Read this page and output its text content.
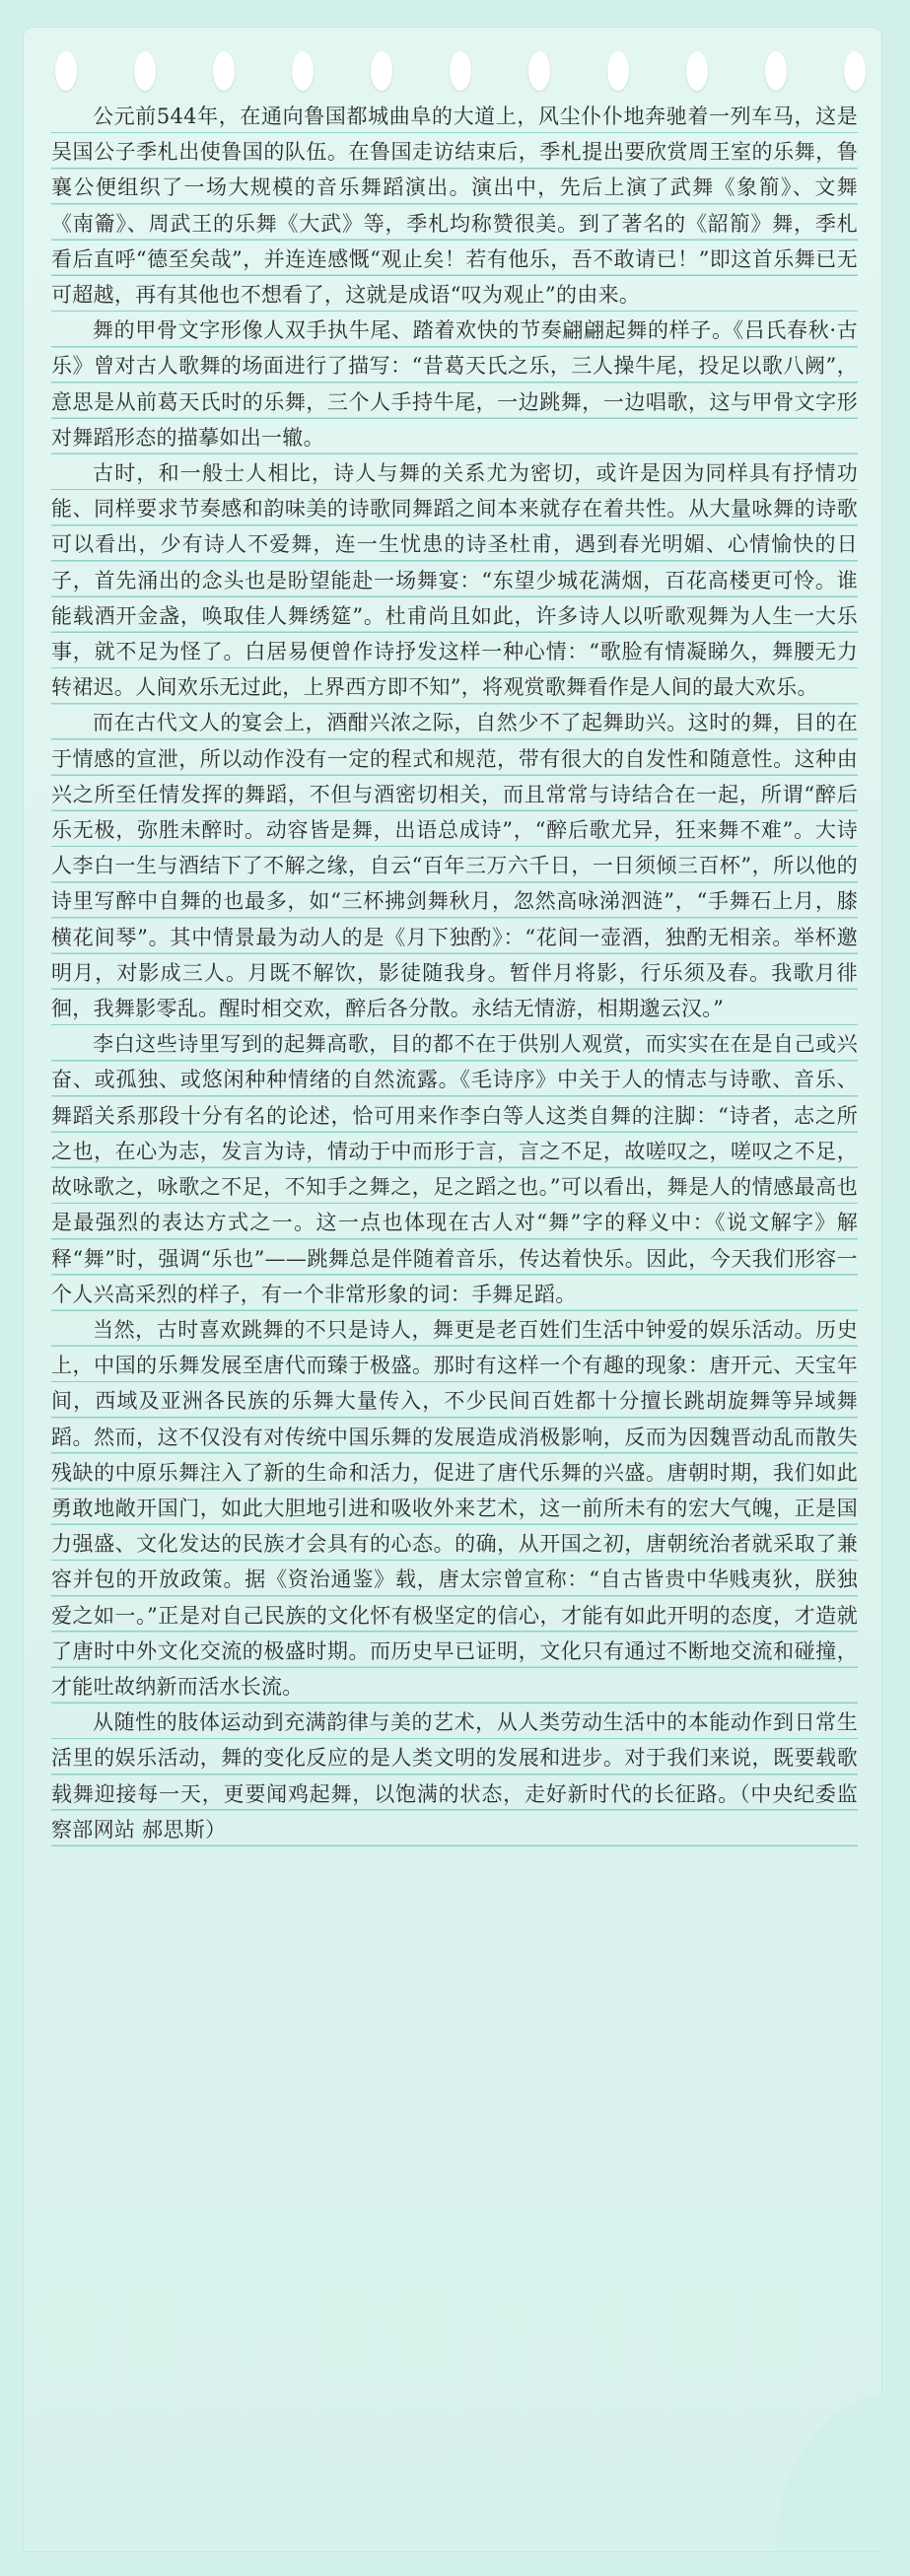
公元前544年，在通向鲁国都城曲阜的大道上，风尘仆仆地奔驰着一列车马，这是吴国公子季札出使鲁国的队伍。在鲁国走访结束后，季札提出要欣赏周王室的乐舞，鲁襄公便组织了一场大规模的音乐舞蹈演出。演出中，先后上演了武舞《象箾》、文舞《南籥》、周武王的乐舞《大武》等，季札均称赞很美。到了著名的《韶箾》舞，季札看后直呼“德至矣哉”，并连连感慨“观止矣！若有他乐，吾不敢请已！”即这首乐舞已无可超越，再有其他也不想看了，这就是成语“叹为观止”的由来。

舞的甲骨文字形像人双手执牛尾、踏着欢快的节奏翩翩起舞的样子。《吕氏春秋·古乐》曾对古人歌舞的场面进行了描写：“昔葛天氏之乐，三人操牛尾，投足以歌八阙”，意思是从前葛天氏时的乐舞，三个人手持牛尾，一边跳舞，一边唱歌，这与甲骨文字形对舞蹈形态的描摹如出一辙。

古时，和一般士人相比，诗人与舞的关系尤为密切，或许是因为同样具有抒情功能、同样要求节奏感和韵味美的诗歌同舞蹈之间本来就存在着共性。从大量咏舞的诗歌可以看出，少有诗人不爱舞，连一生忧患的诗圣杜甫，遇到春光明媚、心情愉快的日子，首先涌出的念头也是盼望能赴一场舞宴：“东望少城花满烟，百花高楼更可怜。谁能载酒开金盏，唤取佳人舞绣筵”。杜甫尚且如此，许多诗人以听歌观舞为人生一大乐事，就不足为怪了。白居易便曾作诗抒发这样一种心情：“歌脸有情凝睇久，舞腰无力转裙迟。人间欢乐无过此，上界西方即不知”，将观赏歌舞看作是人间的最大欢乐。

而在古代文人的宴会上，酒酣兴浓之际，自然少不了起舞助兴。这时的舞，目的在于情感的宣泄，所以动作没有一定的程式和规范，带有很大的自发性和随意性。这种由兴之所至任情发挥的舞蹈，不但与酒密切相关，而且常常与诗结合在一起，所谓“醉后乐无极，弥胜未醉时。动容皆是舞，出语总成诗”，“醉后歌尤异，狂来舞不难”。大诗人李白一生与酒结下了不解之缘，自云“百年三万六千日，一日须倾三百杯”，所以他的诗里写醉中自舞的也最多，如“三杯拂剑舞秋月，忽然高咏涕泗涟”，“手舞石上月，膝横花间琴”。其中情景最为动人的是《月下独酌》：“花间一壶酒，独酌无相亲。举杯邀明月，对影成三人。月既不解饮，影徒随我身。暂伴月将影，行乐须及春。我歌月徘徊，我舞影零乱。醒时相交欢，醉后各分散。永结无情游，相期邈云汉。”

李白这些诗里写到的起舞高歌，目的都不在于供别人观赏，而实实在在是自己或兴奋、或孤独、或悠闲种种情绪的自然流露。《毛诗序》中关于人的情志与诗歌、音乐、舞蹈关系那段十分有名的论述，恰可用来作李白等人这类自舞的注脚：“诗者，志之所之也，在心为志，发言为诗，情动于中而形于言，言之不足，故嗟叹之，嗟叹之不足，故咏歌之，咏歌之不足，不知手之舞之，足之蹈之也。”可以看出，舞是人的情感最高也是最强烈的表达方式之一。这一点也体现在古人对“舞”字的释义中：《说文解字》解释“舞”时，强调“乐也”——跳舞总是伴随着音乐，传达着快乐。因此，今天我们形容一个人兴高采烈的样子，有一个非常形象的词：手舞足蹈。

当然，古时喜欢跳舞的不只是诗人，舞更是老百姓们生活中钟爱的娱乐活动。历史上，中国的乐舞发展至唐代而臻于极盛。那时有这样一个有趣的现象：唐开元、天宝年间，西域及亚洲各民族的乐舞大量传入，不少民间百姓都十分擅长跳胡旋舞等异域舞蹈。然而，这不仅没有对传统中国乐舞的发展造成消极影响，反而为因魏晋动乱而散失残缺的中原乐舞注入了新的生命和活力，促进了唐代乐舞的兴盛。唐朝时期，我们如此勇敢地敞开国门，如此大胆地引进和吸收外来艺术，这一前所未有的宏大气魄，正是国力强盛、文化发达的民族才会具有的心态。的确，从开国之初，唐朝统治者就采取了兼容并包的开放政策。据《资治通鉴》载，唐太宗曾宣称：“自古皆贵中华贱夷狄，朕独爱之如一。”正是对自己民族的文化怀有极坚定的信心，才能有如此开明的态度，才造就了唐时中外文化交流的极盛时期。而历史早已证明，文化只有通过不断地交流和碰撞，才能吐故纳新而活水长流。

从随性的肢体运动到充满韵律与美的艺术，从人类劳动生活中的本能动作到日常生活里的娱乐活动，舞的变化反应的是人类文明的发展和进步。对于我们来说，既要载歌载舞迎接每一天，更要闻鸡起舞，以饱满的状态，走好新时代的长征路。（中央纪委监察部网站 郝思斯）
